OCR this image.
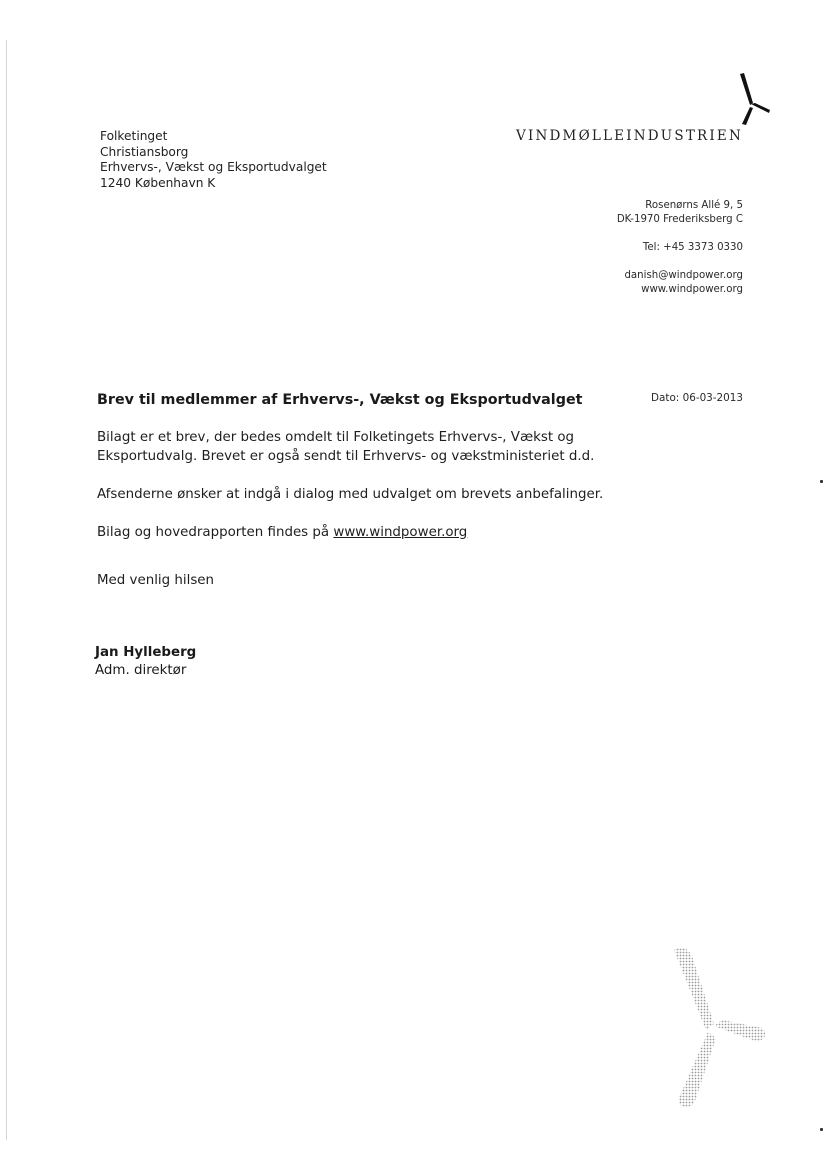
VINDMØLLEINDUSTRIEN
Folketinget
Christiansborg
Erhvervs-, Vækst og Eksportudvalget
1240 København K
Rosenørns Allé 9, 5
DK-1970 Frederiksberg C
Tel: +45 3373 0330
danish@windpower.org
www.windpower.org
Brev til medlemmer af Erhvervs-, Vækst og Eksportudvalget	Dato: 06-03-2013

Bilagt er et brev, der bedes omdelt til Folketingets Erhvervs-, Vækst og Eksportudvalg. Brevet er også sendt til Erhvervs- og vækstministeriet d.d.

Afsenderne ønsker at indgå i dialog med udvalget om brevets anbefalinger.

Bilag og hovedrapporten findes på www.windpower.org

Med venlig hilsen
Jan Hylleberg
Adm. direktør
